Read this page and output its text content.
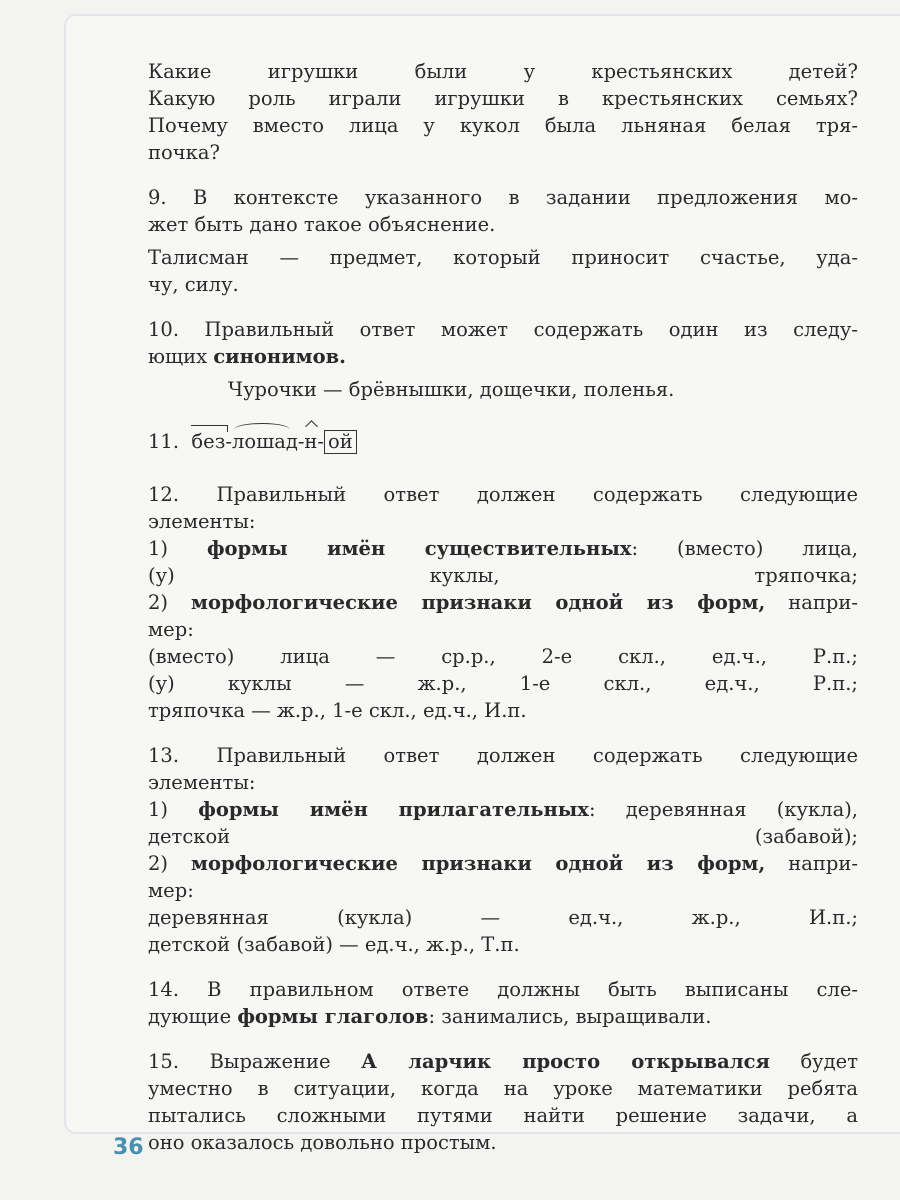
Какие игрушки были у крестьянских детей?
Какую роль играли игрушки в крестьянских семьях?
Почему вместо лица у кукол была льняная белая тря-
почка?
9. В контексте указанного в задании предложения мо-
жет быть дано такое объяснение.
Талисман — предмет, который приносит счастье, уда-
чу, силу.
10. Правильный ответ может содержать один из следу-
ющих синонимов.
Чурочки — брёвнышки, дощечки, поленья.
11. без-
лошад-
н- ой
12. Правильный ответ должен содержать следующие
элементы:
1) формы имён существительных: (вместо) лица,
(у) куклы, тряпочка;
2) морфологические признаки одной из форм, напри-
мер:
(вместо) лица — ср.р., 2-е скл., ед.ч., Р.п.;
(у) куклы — ж.р., 1-е скл., ед.ч., Р.п.;
тряпочка — ж.р., 1-е скл., ед.ч., И.п.
13. Правильный ответ должен содержать следующие
элементы:
1) формы имён прилагательных: деревянная (кукла),
детской (забавой);
2) морфологические признаки одной из форм, напри-
мер:
деревянная (кукла) — ед.ч., ж.р., И.п.;
детской (забавой) — ед.ч., ж.р., Т.п.
14. В правильном ответе должны быть выписаны сле-
дующие формы глаголов: занимались, выращивали.
15. Выражение А ларчик просто открывался будет
уместно в ситуации, когда на уроке математики ребята
пытались сложными путями найти решение задачи, а
оно оказалось довольно простым.
36
